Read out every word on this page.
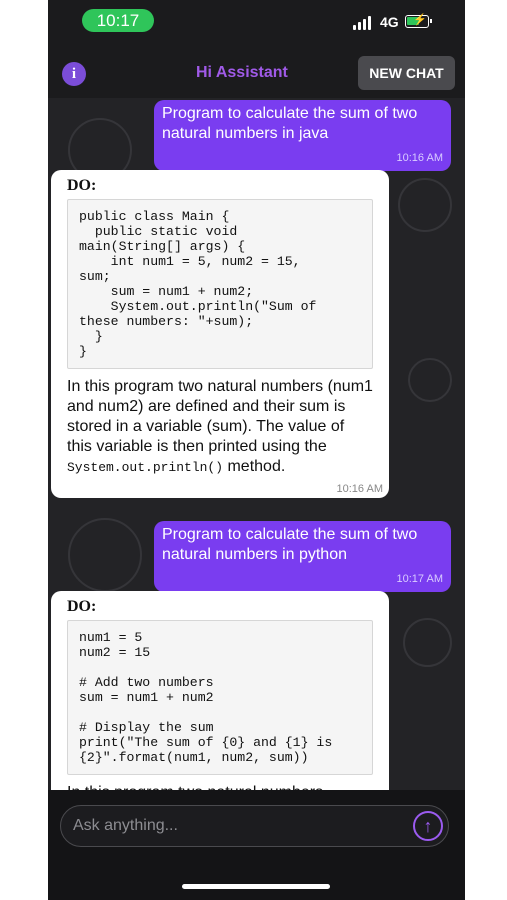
10:17	4G ⚡
i	Hi Assistant	NEW CHAT
Program to calculate the sum of two natural numbers in java
10:16 AM
DO:
public class Main {
public static void
main(String[] args) {
int num1 = 5, num2 = 15,
sum;
sum = num1 + num2;
System.out.println("Sum of
these numbers: "+sum);
}
}
In this program two natural numbers (num1 and num2) are defined and their sum is stored in a variable (sum). The value of this variable is then printed using the System.out.println() method.
10:16 AM
Program to calculate the sum of two natural numbers in python
10:17 AM
DO:
num1 = 5
num2 = 15

# Add two numbers
sum = num1 + num2

# Display the sum
print("The sum of {0} and {1} is
{2}".format(num1, num2, sum))
Ask anything...	↑
